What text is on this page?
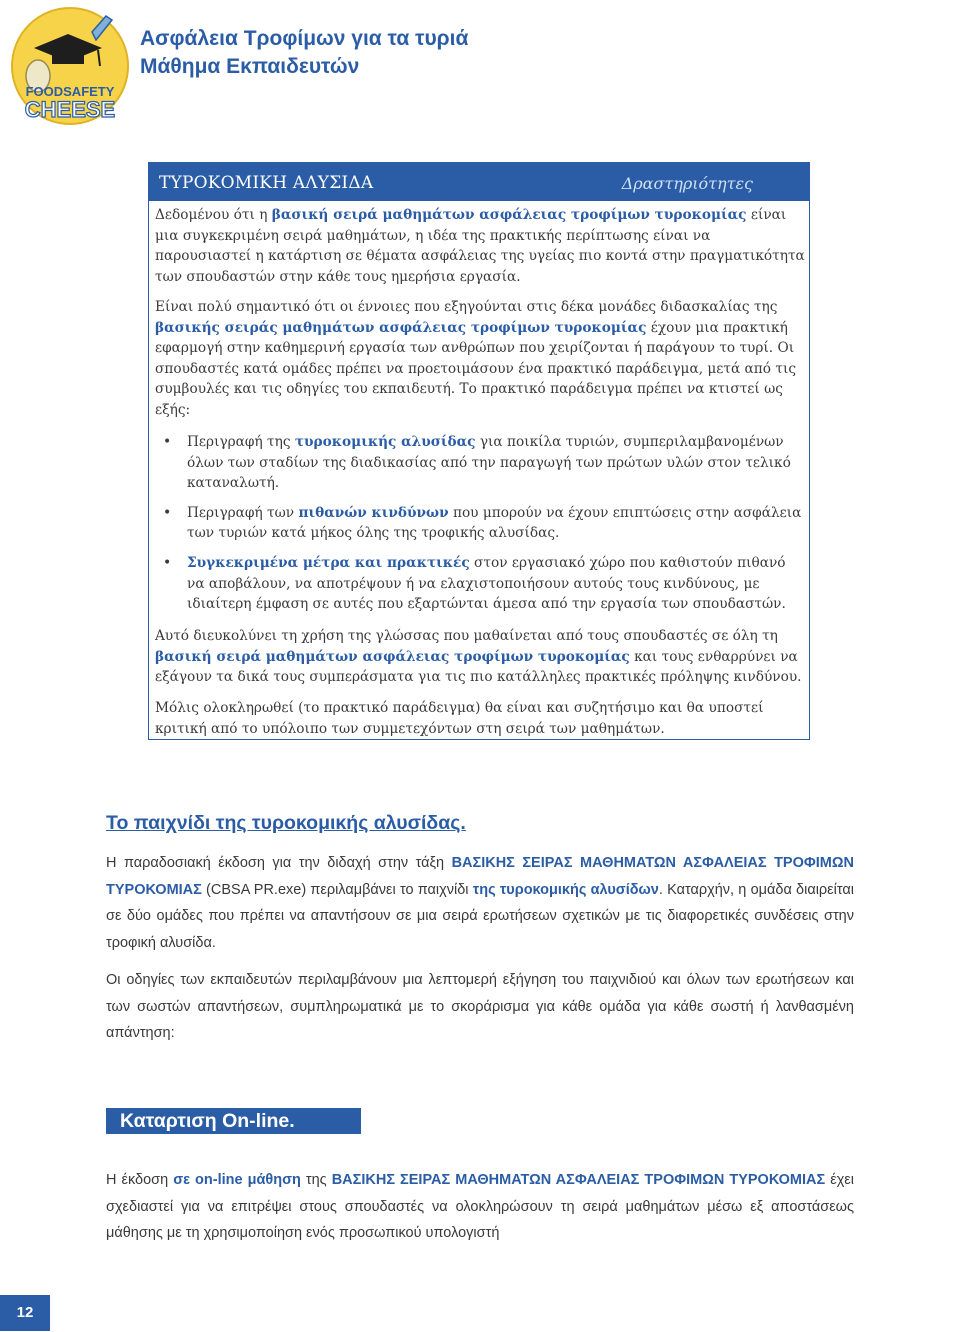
FOODSAFETY
CHEESE
Ασφάλεια Τροφίμων για τα τυριά
Μάθημα Εκπαιδευτών
ΤΥΡΟΚΟΜΙΚΗ ΑΛΥΣΙΔΑ	Δραστηριότητες

Δεδομένου ότι η βασική σειρά μαθημάτων ασφάλειας τροφίμων τυροκομίας είναι μια συγκεκριμένη σειρά μαθημάτων, η ιδέα της πρακτικής περίπτωσης είναι να παρουσιαστεί η κατάρτιση σε θέματα ασφάλειας της υγείας πιο κοντά στην πραγματικότητα των σπουδαστών στην κάθε τους ημερήσια εργασία.

Είναι πολύ σημαντικό ότι οι έννοιες που εξηγούνται στις δέκα μονάδες διδασκαλίας της βασικής σειράς μαθημάτων ασφάλειας τροφίμων τυροκομίας έχουν μια πρακτική εφαρμογή στην καθημερινή εργασία των ανθρώπων που χειρίζονται ή παράγουν το τυρί. Οι σπουδαστές κατά ομάδες πρέπει να προετοιμάσουν ένα πρακτικό παράδειγμα, μετά από τις συμβουλές και τις οδηγίες του εκπαιδευτή. Το πρακτικό παράδειγμα πρέπει να κτιστεί ως εξής:

• Περιγραφή της τυροκομικής αλυσίδας για ποικίλα τυριών, συμπεριλαμβανομένων όλων των σταδίων της διαδικασίας από την παραγωγή των πρώτων υλών στον τελικό καταναλωτή.
• Περιγραφή των πιθανών κινδύνων που μπορούν να έχουν επιπτώσεις στην ασφάλεια των τυριών κατά μήκος όλης της τροφικής αλυσίδας.
• Συγκεκριμένα μέτρα και πρακτικές στον εργασιακό χώρο που καθιστούν πιθανό να αποβάλουν, να αποτρέψουν ή να ελαχιστοποιήσουν αυτούς τους κινδύνους, με ιδιαίτερη έμφαση σε αυτές που εξαρτώνται άμεσα από την εργασία των σπουδαστών.

Αυτό διευκολύνει τη χρήση της γλώσσας που μαθαίνεται από τους σπουδαστές σε όλη τη βασική σειρά μαθημάτων ασφάλειας τροφίμων τυροκομίας και τους ενθαρρύνει να εξάγουν τα δικά τους συμπεράσματα για τις πιο κατάλληλες πρακτικές πρόληψης κινδύνου.

Μόλις ολοκληρωθεί (το πρακτικό παράδειγμα) θα είναι και συζητήσιμο και θα υποστεί κριτική από το υπόλοιπο των συμμετεχόντων στη σειρά των μαθημάτων.

Το παιχνίδι της τυροκομικής αλυσίδας.

Η παραδοσιακή έκδοση για την διδαχή στην τάξη ΒΑΣΙΚΗΣ ΣΕΙΡΑΣ ΜΑΘΗΜΑΤΩΝ ΑΣΦΑΛΕΙΑΣ ΤΡΟΦΙΜΩΝ ΤΥΡΟΚΟΜΙΑΣ (CBSA PR.exe) περιλαμβάνει το παιχνίδι της τυροκομικής αλυσίδων. Καταρχήν, η ομάδα διαιρείται σε δύο ομάδες που πρέπει να απαντήσουν σε μια σειρά ερωτήσεων σχετικών με τις διαφορετικές συνδέσεις στην τροφική αλυσίδα.

Οι οδηγίες των εκπαιδευτών περιλαμβάνουν μια λεπτομερή εξήγηση του παιχνιδιού και όλων των ερωτήσεων και των σωστών απαντήσεων, συμπληρωματικά με το σκοράρισμα για κάθε ομάδα για κάθε σωστή ή λανθασμένη απάντηση:

Καταρτιση On-line.

Η έκδοση σε on-line μάθηση της ΒΑΣΙΚΗΣ ΣΕΙΡΑΣ ΜΑΘΗΜΑΤΩΝ ΑΣΦΑΛΕΙΑΣ ΤΡΟΦΙΜΩΝ ΤΥΡΟΚΟΜΙΑΣ έχει σχεδιαστεί για να επιτρέψει στους σπουδαστές να ολοκληρώσουν τη σειρά μαθημάτων μέσω εξ αποστάσεως μάθησης με τη χρησιμοποίηση ενός προσωπικού υπολογιστή

12
